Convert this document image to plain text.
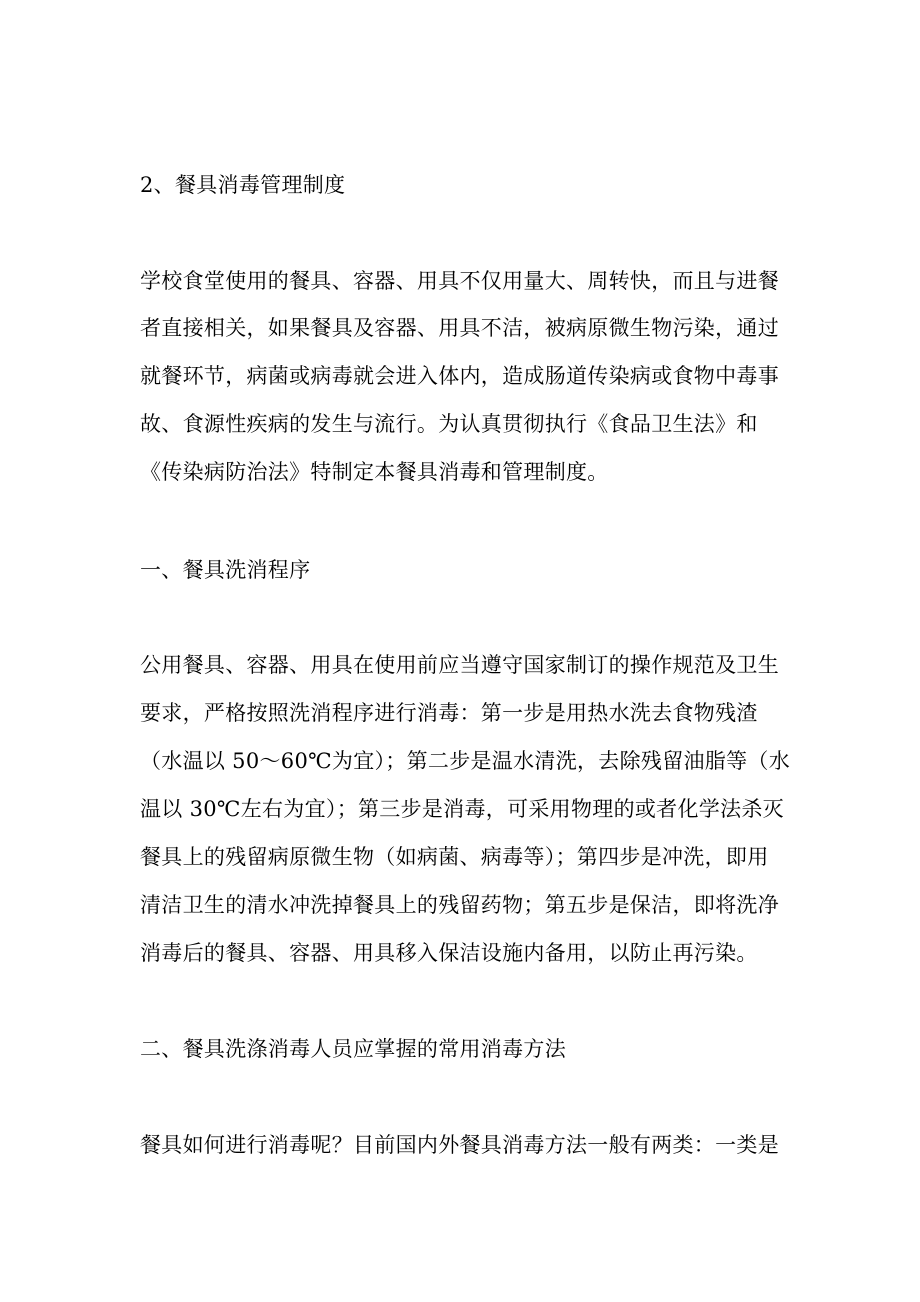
2、餐具消毒管理制度
学校食堂使用的餐具、容器、用具不仅用量大、周转快，而且与进餐
者直接相关，如果餐具及容器、用具不洁，被病原微生物污染，通过
就餐环节，病菌或病毒就会进入体内，造成肠道传染病或食物中毒事
故、食源性疾病的发生与流行。为认真贯彻执行《食品卫生法》和
《传染病防治法》特制定本餐具消毒和管理制度。
一、餐具洗消程序
公用餐具、容器、用具在使用前应当遵守国家制订的操作规范及卫生
要求，严格按照洗消程序进行消毒：第一步是用热水洗去食物残渣
（水温以 50～60℃为宜）；第二步是温水清洗，去除残留油脂等（水
温以 30℃左右为宜）；第三步是消毒，可采用物理的或者化学法杀灭
餐具上的残留病原微生物（如病菌、病毒等）；第四步是冲洗，即用
清洁卫生的清水冲洗掉餐具上的残留药物；第五步是保洁，即将洗净
消毒后的餐具、容器、用具移入保洁设施内备用，以防止再污染。
二、餐具洗涤消毒人员应掌握的常用消毒方法
餐具如何进行消毒呢？目前国内外餐具消毒方法一般有两类：一类是
